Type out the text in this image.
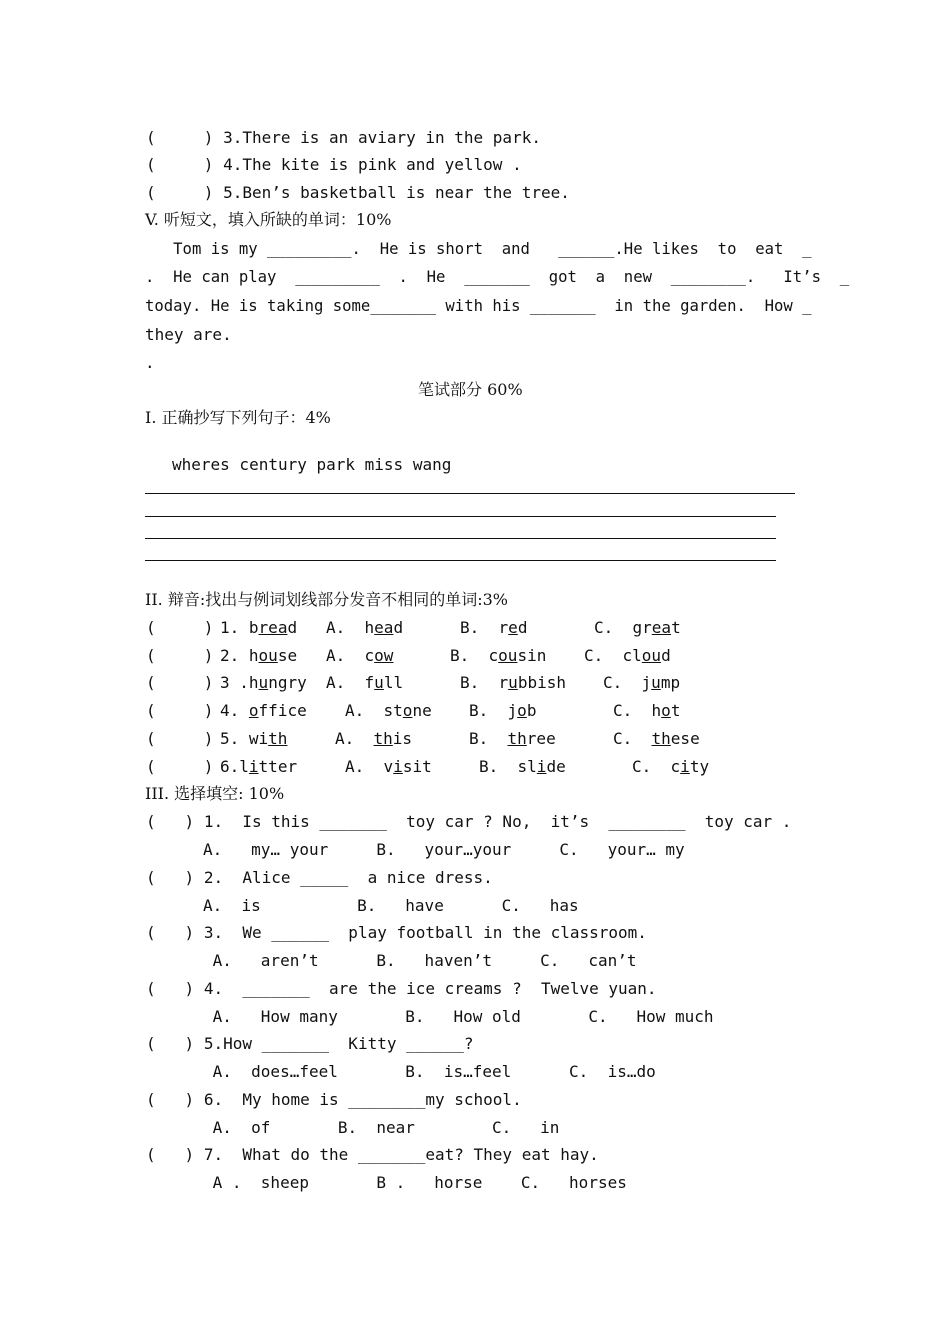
(     ) 3.There is an aviary in the park.
(     ) 4.The kite is pink and yellow .
(     ) 5.Ben’s basketball is near the tree.
V. 听短文，填入所缺的单词：10%
Tom is my _________.  He is short  and   ______.He likes  to  eat  _
.  He can play  _________  .  He  _______  got  a  new  ________.   It’s  _
today. He is taking some_______ with his _______  in the garden.  How _
they are.
.
笔试部分 60%
I. 正确抄写下列句子：4%
wheres century park miss wang
II. 辩音:找出与例词划线部分发音不相同的单词:3%
(     ) 1. bread A.  head	B.  red	C.  great
(     ) 2. house A.  cow	B.  cousin C.  cloud
(     ) 3 .hungry A.  full	B.  rubbish C.  jump
(     ) 4. office A.  stone B.  job	C.  hot
(     ) 5. with	A.  this	B.  three	C.  these
(     ) 6.litter	A.  visit	B.  slide	C.  city
III. 选择填空: 10%
(   ) 1.  Is this _______  toy car ? No,  it’s  ________  toy car .
A.   my… your     B.   your…your     C.   your… my
(   ) 2.  Alice _____  a nice dress.
A.  is          B.   have      C.   has
(   ) 3.  We ______  play football in the classroom.
A.   aren’t      B.   haven’t     C.   can’t
(   ) 4.  _______  are the ice creams ?  Twelve yuan.
A.   How many       B.   How old       C.   How much
(   ) 5.How _______  Kitty ______?
A.  does…feel       B.  is…feel      C.  is…do
(   ) 6.  My home is ________my school.
A.  of       B.  near        C.   in
(   ) 7.  What do the _______eat? They eat hay.
A .  sheep       B .   horse    C.   horses
